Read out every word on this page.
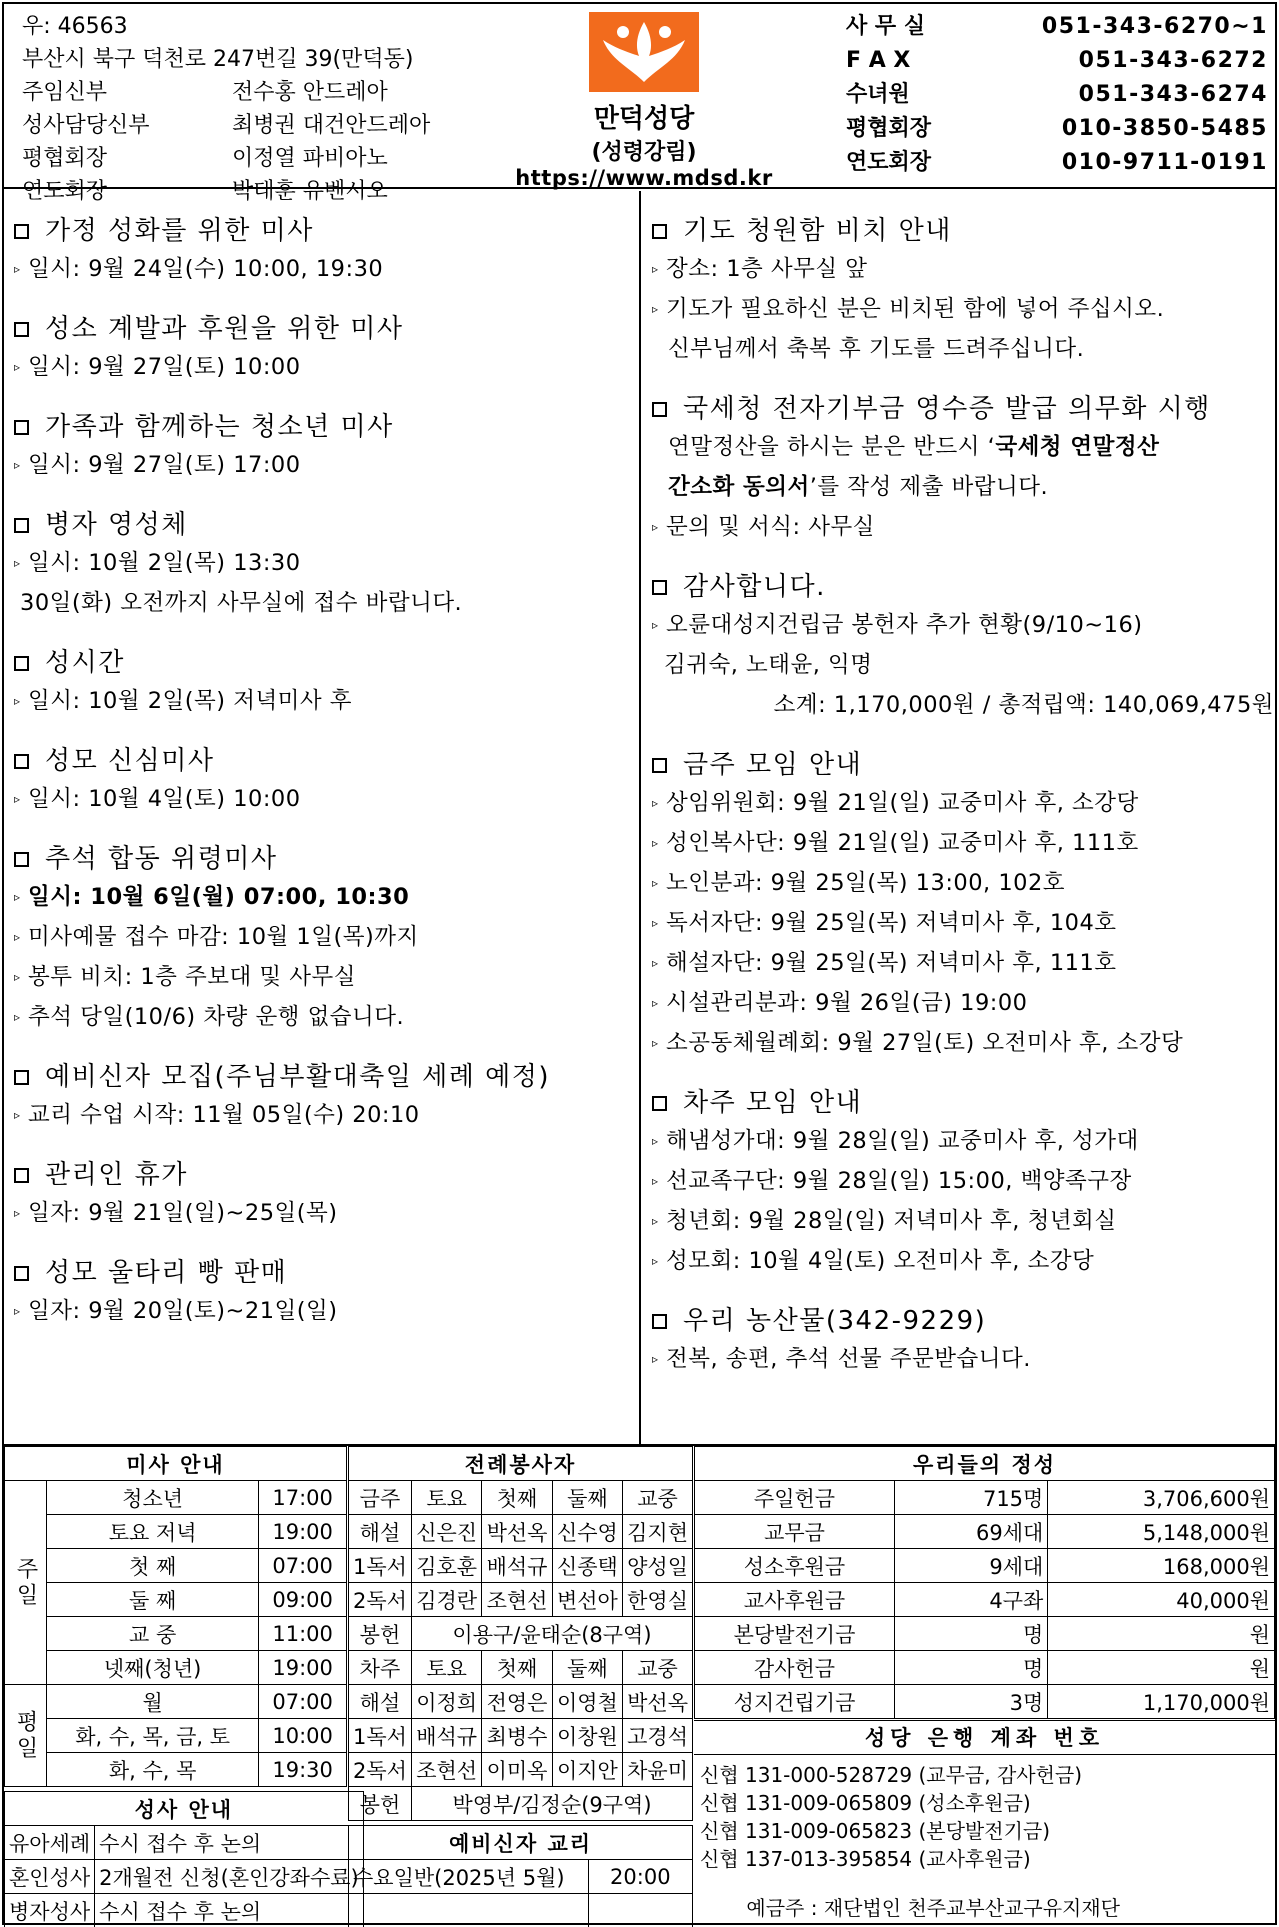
우: 46563
부산시 북구 덕천로 247번길 39(만덕동)
주임신부	전수홍 안드레아
성사담당신부	최병권 대건안드레아
평협회장	이정열 파비아노
연도회장	박태훈 유벤시오
만덕성당
(성령강림)
https://www.mdsd.kr
사 무 실	051-343-6270~1
F A X	051-343-6272
수녀원	051-343-6274
평협회장	010-3850-5485
연도회장	010-9711-0191
가정 성화를 위한 미사
▹ 일시: 9월 24일(수) 10:00, 19:30
성소 계발과 후원을 위한 미사
▹ 일시: 9월 27일(토) 10:00
가족과 함께하는 청소년 미사
▹ 일시: 9월 27일(토) 17:00
병자 영성체
▹ 일시: 10월 2일(목) 13:30
30일(화) 오전까지 사무실에 접수 바랍니다.
성시간
▹ 일시: 10월 2일(목) 저녁미사 후
성모 신심미사
▹ 일시: 10월 4일(토) 10:00
추석 합동 위령미사
▹ 일시: 10월 6일(월) 07:00, 10:30
▹ 미사예물 접수 마감: 10월 1일(목)까지
▹ 봉투 비치: 1층 주보대 및 사무실
▹ 추석 당일(10/6) 차량 운행 없습니다.
예비신자 모집(주님부활대축일 세례 예정)
▹ 교리 수업 시작: 11월 05일(수) 20:10
관리인 휴가
▹ 일자: 9월 21일(일)~25일(목)
성모 울타리 빵 판매
▹ 일자: 9월 20일(토)~21일(일)
기도 청원함 비치 안내
▹ 장소: 1층 사무실 앞
▹ 기도가 필요하신 분은 비치된 함에 넣어 주십시오.
신부님께서 축복 후 기도를 드려주십니다.
국세청 전자기부금 영수증 발급 의무화 시행
연말정산을 하시는 분은 반드시 ‘국세청 연말정산
간소화 동의서’를 작성 제출 바랍니다.
▹ 문의 및 서식: 사무실
감사합니다.
▹ 오륜대성지건립금 봉헌자 추가 현황(9/10~16)
김귀숙, 노태윤, 익명
소계: 1,170,000원 / 총적립액: 140,069,475원
금주 모임 안내
▹ 상임위원회: 9월 21일(일) 교중미사 후, 소강당
▹ 성인복사단: 9월 21일(일) 교중미사 후, 111호
▹ 노인분과: 9월 25일(목) 13:00, 102호
▹ 독서자단: 9월 25일(목) 저녁미사 후, 104호
▹ 해설자단: 9월 25일(목) 저녁미사 후, 111호
▹ 시설관리분과: 9월 26일(금) 19:00
▹ 소공동체월례회: 9월 27일(토) 오전미사 후, 소강당
차주 모임 안내
▹ 해냄성가대: 9월 28일(일) 교중미사 후, 성가대
▹ 선교족구단: 9월 28일(일) 15:00, 백양족구장
▹ 청년회: 9월 28일(일) 저녁미사 후, 청년회실
▹ 성모회: 10월 4일(토) 오전미사 후, 소강당
우리 농산물(342-9229)
▹ 전복, 송편, 추석 선물 주문받습니다.
미사 안내		
주일	청소년	17:00
	토요 저녁	19:00
	첫 째	07:00
	둘 째	09:00
	교 중	11:00
	넷째(청년)	19:00
평일	월	07:00
	화, 수, 목, 금, 토	10:00
	화, 수, 목	19:30
성사 안내	
유아세례	수시 접수 후 논의
혼인성사	2개월전 신청(혼인강좌수료)
병자성사	수시 접수 후 논의
전례봉사자				
금주	토요	첫째	둘째	교중
해설	신은진	박선옥	신수영	김지현
1독서	김호훈	배석규	신종택	양성일
2독서	김경란	조현선	변선아	한영실
봉헌	이용구/윤태순(8구역)			
차주	토요	첫째	둘째	교중
해설	이정희	전영은	이영철	박선옥
1독서	배석규	최병수	이창원	고경석
2독서	조현선	이미옥	이지안	차윤미
봉헌	박영부/김정순(9구역)			
예비신자 교리	
수요일반(2025년 5월)	20:00

우리들의 정성		
주일헌금	715명	3,706,600원
교무금	69세대	5,148,000원
성소후원금	9세대	168,000원
교사후원금	4구좌	40,000원
본당발전기금	명	원
감사헌금	명	원
성지건립기금	3명	1,170,000원
성당 은행 계좌 번호
신협 131-000-528729 (교무금, 감사헌금)
신협 131-009-065809 (성소후원금)
신협 131-009-065823 (본당발전기금)
신협 137-013-395854 (교사후원금)
예금주 : 재단법인 천주교부산교구유지재단
